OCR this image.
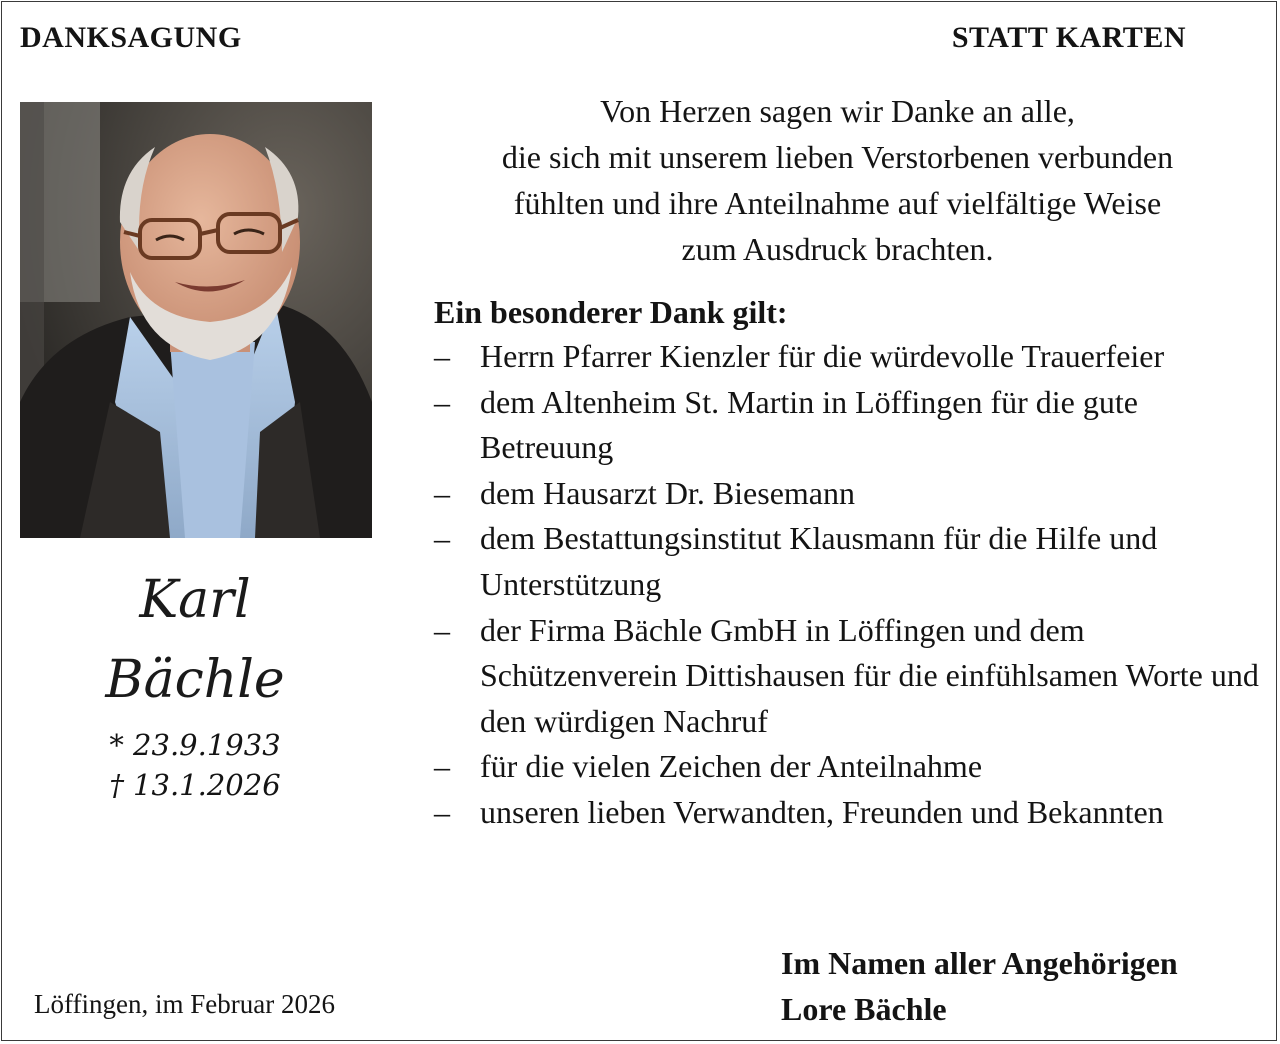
DANKSAGUNG	STATT KARTEN
Karl
Bächle
* 23.9.1933
† 13.1.2026
Von Herzen sagen wir Danke an alle,
die sich mit unserem lieben Verstorbenen verbunden
fühlten und ihre Anteilnahme auf vielfältige Weise
zum Ausdruck brachten.
Ein besonderer Dank gilt:
– Herrn Pfarrer Kienzler für die würdevolle Trauerfeier
– dem Altenheim St. Martin in Löffingen für die gute Betreuung
– dem Hausarzt Dr. Biesemann
– dem Bestattungsinstitut Klausmann für die Hilfe und Unterstützung
– der Firma Bächle GmbH in Löffingen und dem Schützenverein Dittishausen für die einfühlsamen Worte und den würdigen Nachruf
– für die vielen Zeichen der Anteilnahme
– unseren lieben Verwandten, Freunden und Bekannten
Im Namen aller Angehörigen
Lore Bächle
Löffingen, im Februar 2026
